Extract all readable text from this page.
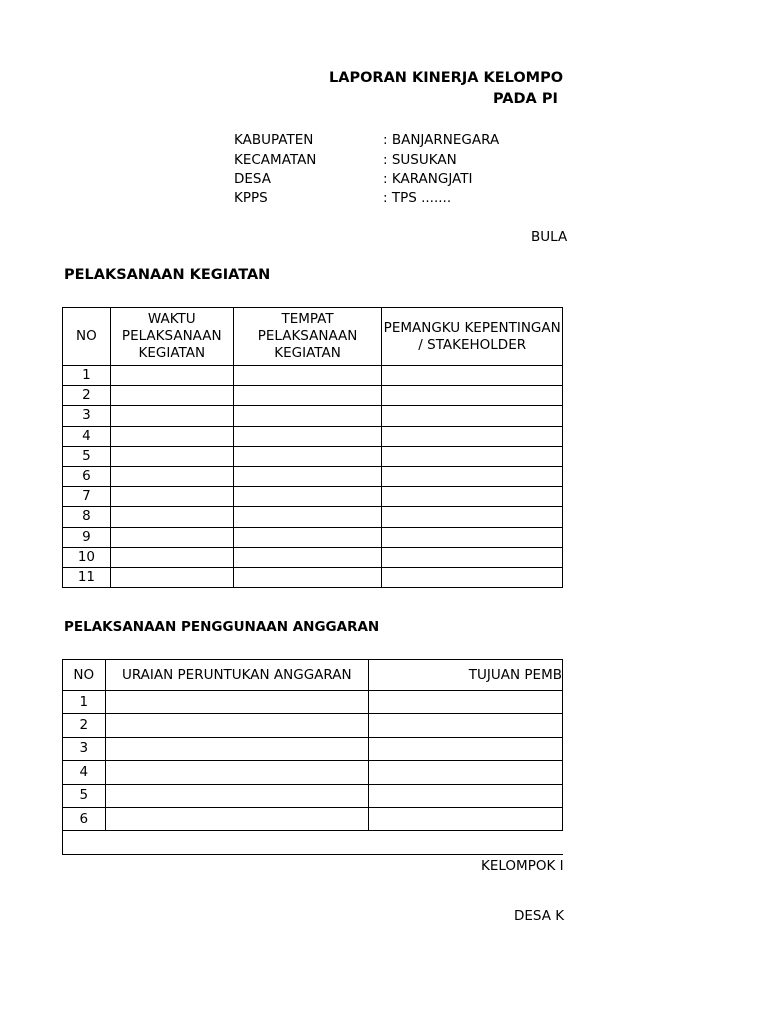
LAPORAN KINERJA KELOMPO
PADA PI
KABUPATEN	: BANJARNEGARA
KECAMATAN	: SUSUKAN
DESA	: KARANGJATI
KPPS	: TPS .......
BULA
PELAKSANAAN KEGIATAN
NO	WAKTU PELAKSANAAN KEGIATAN	TEMPAT PELAKSANAAN KEGIATAN	PEMANGKU KEPENTINGAN / STAKEHOLDER
1			
2			
3			
4			
5			
6			
7			
8			
9			
10			
11			
PELAKSANAAN PENGGUNAAN ANGGARAN
NO	URAIAN PERUNTUKAN ANGGARAN	TUJUAN PEMB
1		
2		
3		
4		
5		
6		

KELOMPOK I
DESA K
